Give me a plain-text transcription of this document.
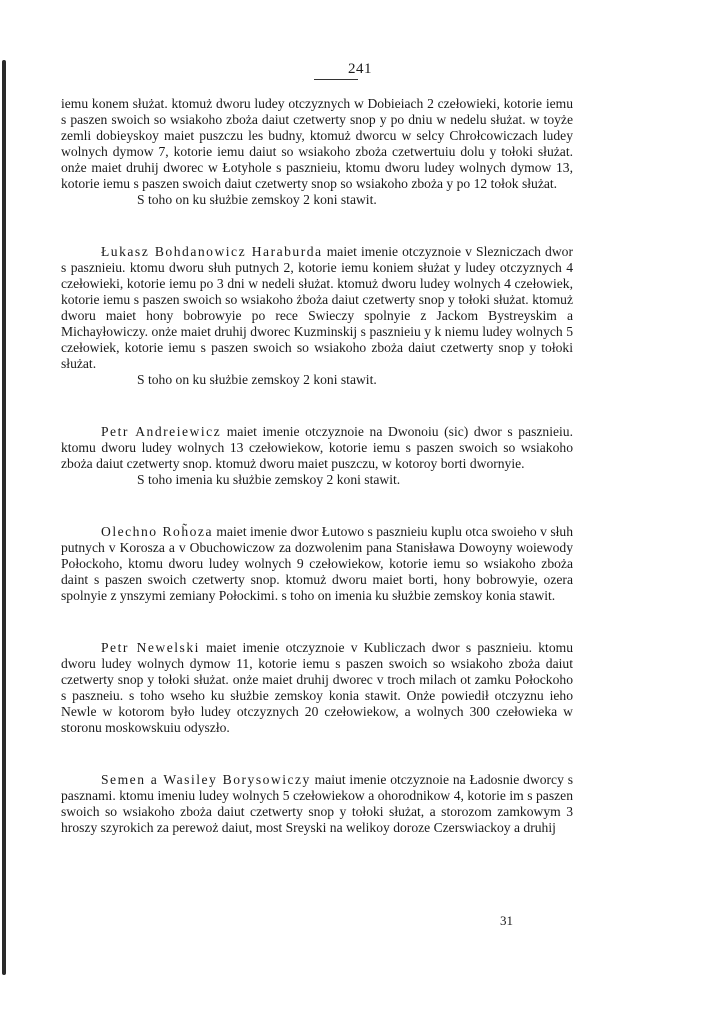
241

iemu konem służat. ktomuż dworu ludey otczyznych w Dobieiach 2 czełowieki, kotorie iemu s paszen swoich so wsiakoho zboża daiut czetwerty snop y po dniu w nedelu służat. w toyże zemli dobieyskoy maiet puszczu les budny, ktomuż dworcu w selcy Chrołcowiczach ludey wolnych dymow 7, kotorie iemu daiut so wsiakoho zboża czetwertuiu dolu y tołoki służat. onże maiet druhij dworec w Łotyhole s pasznieiu, ktomu dworu ludey wolnych dymow 13, kotorie iemu s paszen swoich daiut czetwerty snop so wsiakoho zboża y po 12 tołok służat.

S toho on ku służbie zemskoy 2 koni stawit.

Łukasz Bohdanowicz Haraburda maiet imenie otczyznoie v Slezniczach dwor s pasznieiu. ktomu dworu słuh putnych 2, kotorie iemu koniem służat y ludey otczyznych 4 czełowieki, kotorie iemu po 3 dni w nedeli służat. ktomuż dworu ludey wolnych 4 czełowiek, kotorie iemu s paszen swoich so wsiakoho żboża daiut czetwerty snop y tołoki służat. ktomuż dworu maiet hony bobrowyie po rece Swieczy spolnyie z Jackom Bystreyskim a Michayłowiczy. onże maiet druhij dworec Kuzminskij s pasznieiu y k niemu ludey wolnych 5 czełowiek, kotorie iemu s paszen swoich so wsiakoho zboża daiut czetwerty snop y tołoki służat.

S toho on ku służbie zemskoy 2 koni stawit.

Petr Andreiewicz maiet imenie otczyznoie na Dwonoiu (sic) dwor s pasznieiu. ktomu dworu ludey wolnych 13 czełowiekow, kotorie iemu s paszen swoich so wsiakoho zboża daiut czetwerty snop. ktomuż dworu maiet puszczu, w kotoroy borti dwornyie.

S toho imenia ku służbie zemskoy 2 koni stawit.

Olechno Roh̃oza maiet imenie dwor Łutowo s pasznieiu kuplu otca swoieho v słuh putnych v Korosza a v Obuchowiczow za dozwolenim pana Stanisława Dowoyny woiewody Połockoho, ktomu dworu ludey wolnych 9 czełowiekow, kotorie iemu so wsiakoho zboża daint s paszen swoich czetwerty snop. ktomuż dworu maiet borti, hony bobrowyie, ozera spolnyie z ynszymi zemiany Połockimi. s toho on imenia ku służbie zemskoy konia stawit.

Petr Newelski maiet imenie otczyznoie v Kubliczach dwor s pasznieiu. ktomu dworu ludey wolnych dymow 11, kotorie iemu s paszen swoich so wsiakoho zboża daiut czetwerty snop y tołoki służat. onże maiet druhij dworec v troch milach ot zamku Połockoho s paszneiu. s toho wseho ku służbie zemskoy konia stawit. Onże powiedił otczyznu ieho Newle w kotorom było ludey otczyznych 20 czełowiekow, a wolnych 300 czełowieka w storonu moskowskuiu odyszło.

Semen a Wasiley Borysowiczy maiut imenie otczyznoie na Ładosnie dworcy s pasznami. ktomu imeniu ludey wolnych 5 czełowiekow a ohorodnikow 4, kotorie im s paszen swoich so wsiakoho zboża daiut czetwerty snop y tołoki służat, a storozom zamkowym 3 hroszy szyrokich za perewoż daiut, most Sreyski na welikoy doroze Czerswiackoy a druhij

31
